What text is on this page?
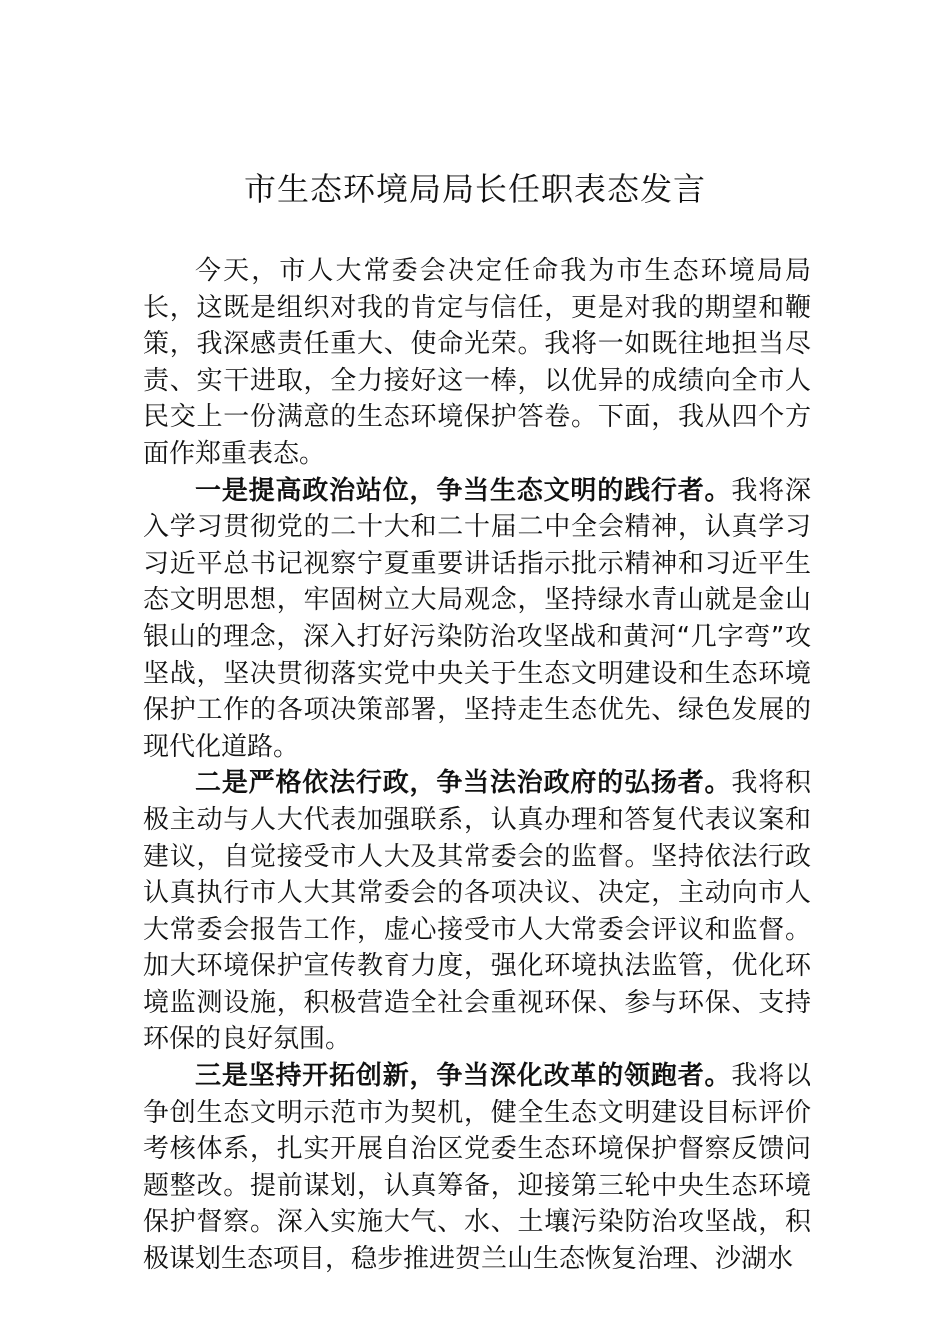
市生态环境局局长任职表态发言

今天，市人大常委会决定任命我为市生态环境局局长，这既是组织对我的肯定与信任，更是对我的期望和鞭策，我深感责任重大、使命光荣。我将一如既往地担当尽责、实干进取，全力接好这一棒，以优异的成绩向全市人民交上一份满意的生态环境保护答卷。下面，我从四个方面作郑重表态。

一是提高政治站位，争当生态文明的践行者。我将深入学习贯彻党的二十大和二十届二中全会精神，认真学习习近平总书记视察宁夏重要讲话指示批示精神和习近平生态文明思想，牢固树立大局观念，坚持绿水青山就是金山银山的理念，深入打好污染防治攻坚战和黄河“几字弯”攻坚战，坚决贯彻落实党中央关于生态文明建设和生态环境保护工作的各项决策部署，坚持走生态优先、绿色发展的现代化道路。

二是严格依法行政，争当法治政府的弘扬者。我将积极主动与人大代表加强联系，认真办理和答复代表议案和建议，自觉接受市人大及其常委会的监督。坚持依法行政认真执行市人大其常委会的各项决议、决定，主动向市人大常委会报告工作，虚心接受市人大常委会评议和监督。加大环境保护宣传教育力度，强化环境执法监管，优化环境监测设施，积极营造全社会重视环保、参与环保、支持环保的良好氛围。

三是坚持开拓创新，争当深化改革的领跑者。我将以争创生态文明示范市为契机，健全生态文明建设目标评价考核体系，扎实开展自治区党委生态环境保护督察反馈问题整改。提前谋划，认真筹备，迎接第三轮中央生态环境保护督察。深入实施大气、水、土壤污染防治攻坚战，积极谋划生态项目，稳步推进贺兰山生态恢复治理、沙湖水
